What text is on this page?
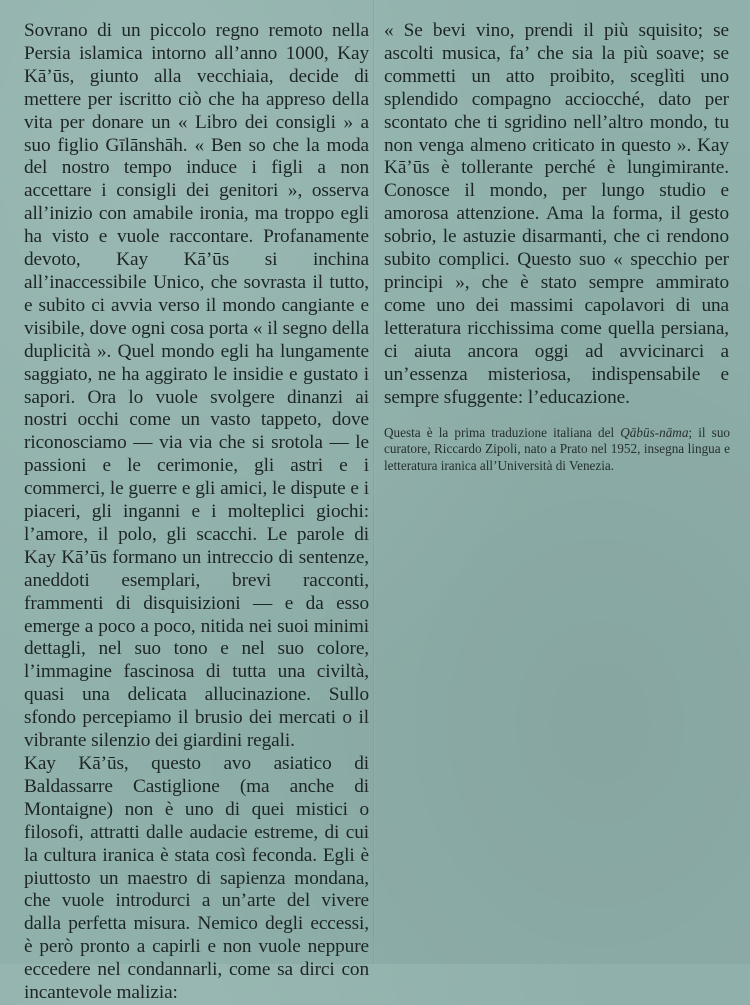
Sovrano di un piccolo regno remoto nella Persia islamica intorno all’anno 1000, Kay Kā’ūs, giunto alla vecchiaia, decide di mettere per iscritto ciò che ha appreso della vita per donare un « Libro dei consigli » a suo figlio Gīlānshāh. « Ben so che la moda del nostro tempo induce i figli a non accettare i consigli dei genitori », osserva all’inizio con amabile ironia, ma troppo egli ha visto e vuole raccontare. Profanamente devoto, Kay Kā’ūs si inchina all’inaccessibile Unico, che sovrasta il tutto, e subito ci avvia verso il mondo cangiante e visibile, dove ogni cosa porta « il segno della duplicità ». Quel mondo egli ha lungamente saggiato, ne ha aggirato le insidie e gustato i sapori. Ora lo vuole svolgere dinanzi ai nostri occhi come un vasto tappeto, dove riconosciamo — via via che si srotola — le passioni e le cerimonie, gli astri e i commerci, le guerre e gli amici, le dispute e i piaceri, gli inganni e i molteplici giochi: l’amore, il polo, gli scacchi. Le parole di Kay Kā’ūs formano un intreccio di sentenze, aneddoti esemplari, brevi racconti, frammenti di disquisizioni — e da esso emerge a poco a poco, nitida nei suoi minimi dettagli, nel suo tono e nel suo colore, l’immagine fascinosa di tutta una civiltà, quasi una delicata allucinazione. Sullo sfondo percepiamo il brusio dei mercati o il vibrante silenzio dei giardini regali.

Kay Kā’ūs, questo avo asiatico di Baldassarre Castiglione (ma anche di Montaigne) non è uno di quei mistici o filosofi, attratti dalle audacie estreme, di cui la cultura iranica è stata così feconda. Egli è piuttosto un maestro di sapienza mondana, che vuole introdurci a un’arte del vivere dalla perfetta misura. Nemico degli eccessi, è però pronto a capirli e non vuole neppure eccedere nel condannarli, come sa dirci con incantevole malizia:

« Se bevi vino, prendi il più squisito; se ascolti musica, fa’ che sia la più soave; se commetti un atto proibito, sceglìti uno splendido compagno acciocché, dato per scontato che ti sgridino nell’altro mondo, tu non venga almeno criticato in questo ». Kay Kā’ūs è tollerante perché è lungimirante. Conosce il mondo, per lungo studio e amorosa attenzione. Ama la forma, il gesto sobrio, le astuzie disarmanti, che ci rendono subito complici. Questo suo « specchio per principi », che è stato sempre ammirato come uno dei massimi capolavori di una letteratura ricchissima come quella persiana, ci aiuta ancora oggi ad avvicinarci a un’essenza misteriosa, indispensabile e sempre sfuggente: l’educazione.

Questa è la prima traduzione italiana del Qābūs-nāma; il suo curatore, Riccardo Zipoli, nato a Prato nel 1952, insegna lingua e letteratura iranica all’Università di Venezia.
